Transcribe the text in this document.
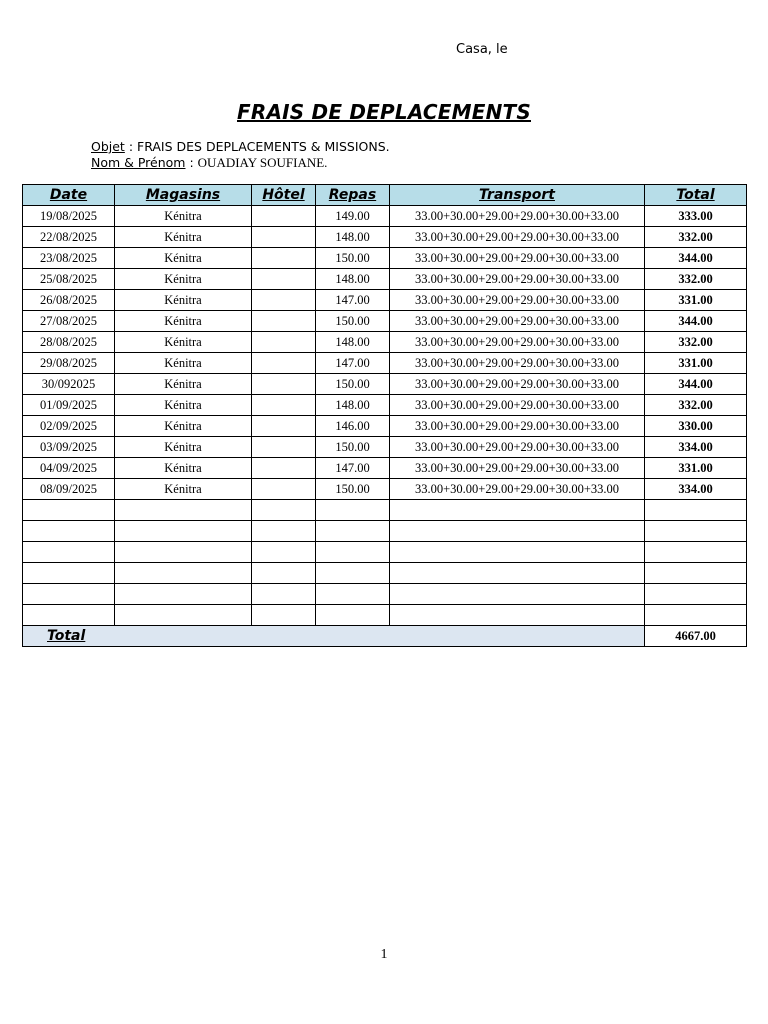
Casa, le
FRAIS DE DEPLACEMENTS
Objet : FRAIS DES DEPLACEMENTS & MISSIONS.
Nom & Prénom : OUADIAY SOUFIANE.
Date	Magasins	Hôtel	Repas	Transport	Total
19/08/2025	Kénitra		149.00	33.00+30.00+29.00+29.00+30.00+33.00	333.00
22/08/2025	Kénitra		148.00	33.00+30.00+29.00+29.00+30.00+33.00	332.00
23/08/2025	Kénitra		150.00	33.00+30.00+29.00+29.00+30.00+33.00	344.00
25/08/2025	Kénitra		148.00	33.00+30.00+29.00+29.00+30.00+33.00	332.00
26/08/2025	Kénitra		147.00	33.00+30.00+29.00+29.00+30.00+33.00	331.00
27/08/2025	Kénitra		150.00	33.00+30.00+29.00+29.00+30.00+33.00	344.00
28/08/2025	Kénitra		148.00	33.00+30.00+29.00+29.00+30.00+33.00	332.00
29/08/2025	Kénitra		147.00	33.00+30.00+29.00+29.00+30.00+33.00	331.00
30/092025	Kénitra		150.00	33.00+30.00+29.00+29.00+30.00+33.00	344.00
01/09/2025	Kénitra		148.00	33.00+30.00+29.00+29.00+30.00+33.00	332.00
02/09/2025	Kénitra		146.00	33.00+30.00+29.00+29.00+30.00+33.00	330.00
03/09/2025	Kénitra		150.00	33.00+30.00+29.00+29.00+30.00+33.00	334.00
04/09/2025	Kénitra		147.00	33.00+30.00+29.00+29.00+30.00+33.00	331.00
08/09/2025	Kénitra		150.00	33.00+30.00+29.00+29.00+30.00+33.00	334.00

Total					4667.00
1
